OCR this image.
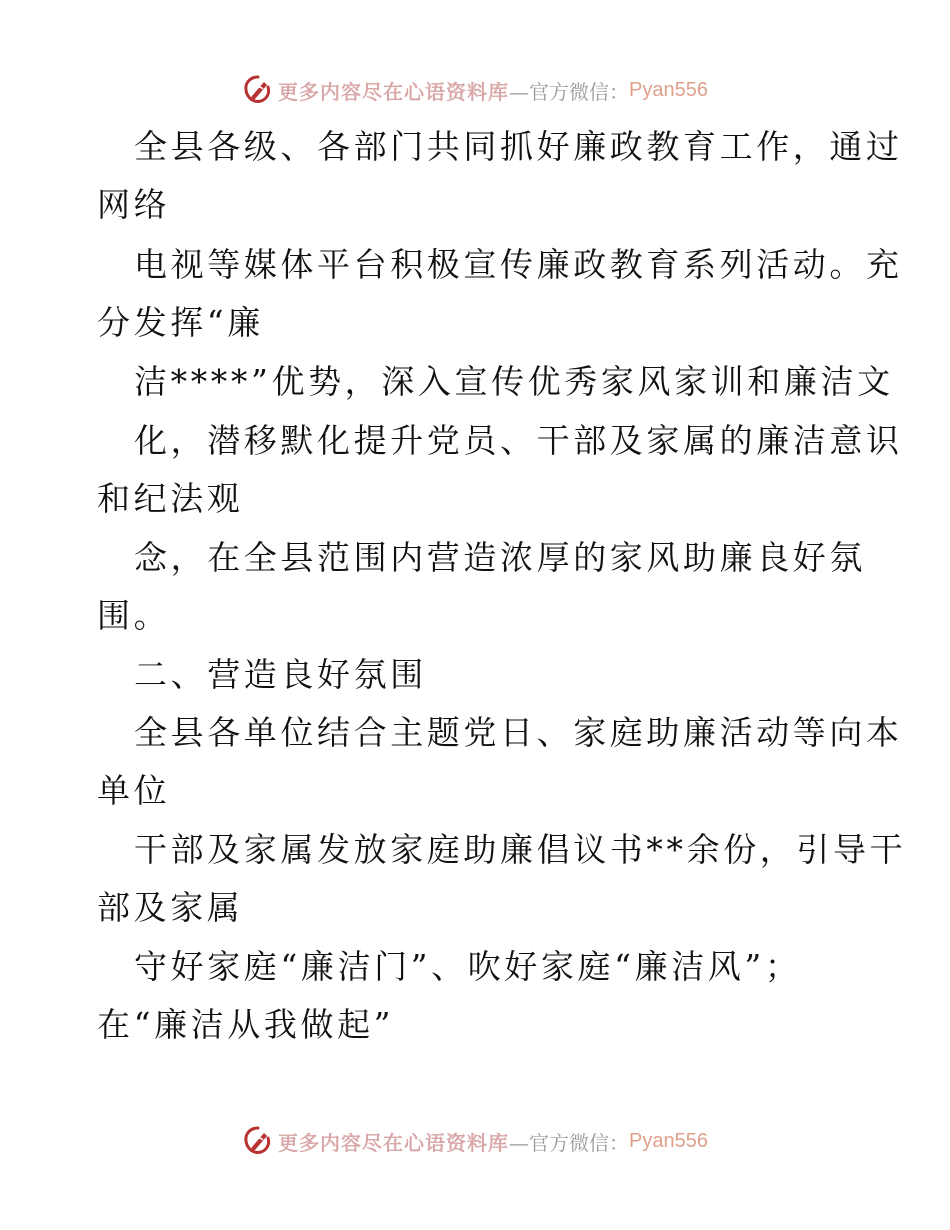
更多内容尽在心语资料库 —官方微信： Pyan556
全县各级、各部门共同抓好廉政教育工作，通过
网络
电视等媒体平台积极宣传廉政教育系列活动。充
分发挥“廉
洁****”优势，深入宣传优秀家风家训和廉洁文
化，潜移默化提升党员、干部及家属的廉洁意识
和纪法观
念，在全县范围内营造浓厚的家风助廉良好氛
围。
二、营造良好氛围
全县各单位结合主题党日、家庭助廉活动等向本
单位
干部及家属发放家庭助廉倡议书**余份，引导干
部及家属
守好家庭“廉洁门”、吹好家庭“廉洁风”；
在“廉洁从我做起”
更多内容尽在心语资料库 —官方微信： Pyan556
